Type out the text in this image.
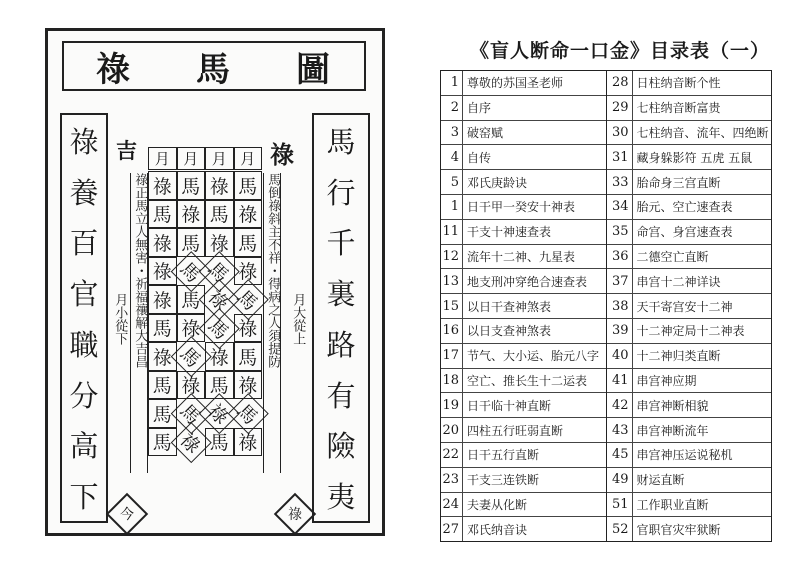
祿 馬 圖
祿
養
百
官
職
分
高
下
馬
行
千
裏
路
有
險
夷
吉	祿
月小從下	月大從上
祿正馬立人無害・祈福禳解大吉昌	馬倒祿斜主不祥・得病之人須提防
月 月 月 月
祿 馬 祿 馬
馬 祿 馬 祿
祿 馬 祿 馬
祿 馬 馬 祿
祿 馬 祿 馬
馬 祿 馬 祿
祿 馬 祿 馬
馬 祿 馬 祿
馬 馬 祿 馬
馬 祿 馬 祿
今	祿
《盲人断命一口金》目录表（一）
1 尊敬的苏国圣老师
2 自序
3 破窑赋
4 自传
5 邓氏庚龄诀
1 日干甲一癸安十神表
11 干支十神速查表
12 流年十二神、九星表
13 地支刑冲穿绝合速查表
15 以日干查神煞表
16 以日支查神煞表
17 节气、大小运、胎元八字
18 空亡、推长生十二运表
19 日干临十神直断
20 四柱五行旺弱直断
22 日干五行直断
23 干支三连铁断
24 夫妻从化断
27 邓氏纳音诀
28 日柱纳音断个性
29 七柱纳音断富贵
30 七柱纳音、流年、四绝断
31 藏身躲影符 五虎 五鼠
33 胎命身三宫直断
34 胎元、空亡速查表
35 命宫、身宫速查表
36 二德空亡直断
37 串宫十二神详诀
38 天干寄宫安十二神
39 十二神定局十二神表
40 十二神归类直断
41 串宫神应期
42 串宫神断相貌
43 串宫神断流年
45 串宫神压运说秘机
49 财运直断
51 工作职业直断
52 官职官灾牢狱断
